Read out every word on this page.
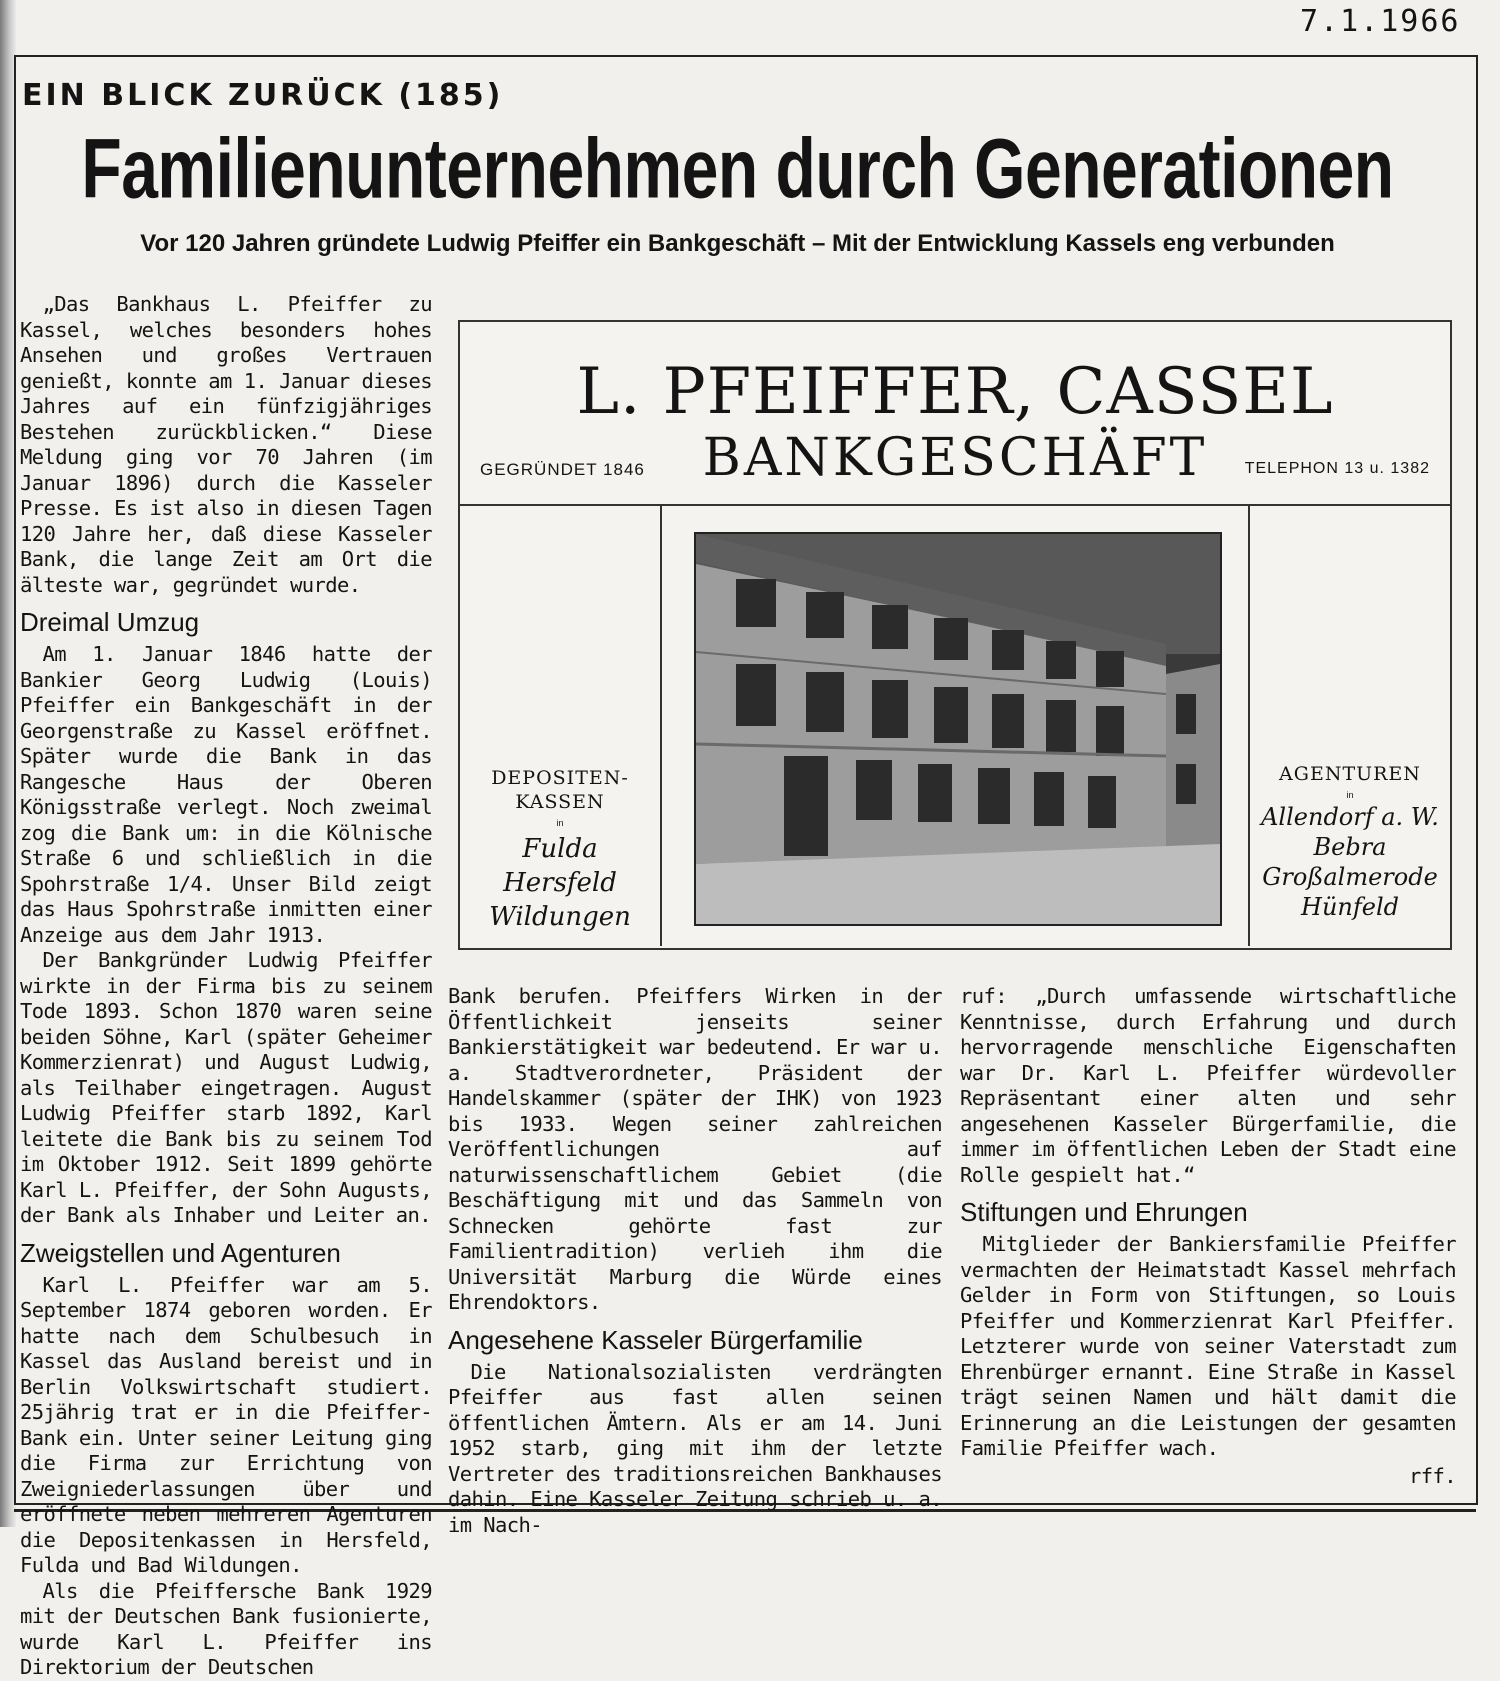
7.1.1966
EIN BLICK ZURÜCK (185)
Familienunternehmen durch Generationen
Vor 120 Jahren gründete Ludwig Pfeiffer ein Bankgeschäft – Mit der Entwicklung Kassels eng verbunden

„Das Bankhaus L. Pfeiffer zu Kassel, welches besonders hohes Ansehen und großes Vertrauen genießt, konnte am 1. Januar dieses Jahres auf ein fünfzigjähriges Bestehen zurückblicken.“ Diese Meldung ging vor 70 Jahren (im Januar 1896) durch die Kasseler Presse. Es ist also in diesen Tagen 120 Jahre her, daß diese Kasseler Bank, die lange Zeit am Ort die älteste war, gegründet wurde.

Dreimal Umzug

Am 1. Januar 1846 hatte der Bankier Georg Ludwig (Louis) Pfeiffer ein Bankgeschäft in der Georgenstraße zu Kassel eröffnet. Später wurde die Bank in das Rangesche Haus der Oberen Königsstraße verlegt. Noch zweimal zog die Bank um: in die Kölnische Straße 6 und schließlich in die Spohrstraße 1/4. Unser Bild zeigt das Haus Spohrstraße inmitten einer Anzeige aus dem Jahr 1913.

Der Bankgründer Ludwig Pfeiffer wirkte in der Firma bis zu seinem Tode 1893. Schon 1870 waren seine beiden Söhne, Karl (später Geheimer Kommerzienrat) und August Ludwig, als Teilhaber eingetragen. August Ludwig Pfeiffer starb 1892, Karl leitete die Bank bis zu seinem Tod im Oktober 1912. Seit 1899 gehörte Karl L. Pfeiffer, der Sohn Augusts, der Bank als Inhaber und Leiter an.

Zweigstellen und Agenturen

Karl L. Pfeiffer war am 5. September 1874 geboren worden. Er hatte nach dem Schulbesuch in Kassel das Ausland bereist und in Berlin Volkswirtschaft studiert. 25jährig trat er in die Pfeiffer-Bank ein. Unter seiner Leitung ging die Firma zur Errichtung von Zweigniederlassungen über und eröffnete neben mehreren Agenturen die Depositenkassen in Hersfeld, Fulda und Bad Wildungen.

Als die Pfeiffersche Bank 1929 mit der Deutschen Bank fusionierte, wurde Karl L. Pfeiffer ins Direktorium der Deutschen

L. PFEIFFER, CASSEL
GEGRÜNDET 1846	BANKGESCHÄFT	TELEPHON 13 u. 1382
DEPOSITEN-
KASSEN
in
Fulda
Hersfeld
Wildungen
AGENTUREN
in
Allendorf a. W.
Bebra
Großalmerode
Hünfeld

Bank berufen. Pfeiffers Wirken in der Öffentlichkeit jenseits seiner Bankierstätigkeit war bedeutend. Er war u. a. Stadtverordneter, Präsident der Handelskammer (später der IHK) von 1923 bis 1933. Wegen seiner zahlreichen Veröffentlichungen auf naturwissenschaftlichem Gebiet (die Beschäftigung mit und das Sammeln von Schnecken gehörte fast zur Familientradition) verlieh ihm die Universität Marburg die Würde eines Ehrendoktors.

Angesehene Kasseler Bürgerfamilie

Die Nationalsozialisten verdrängten Pfeiffer aus fast allen seinen öffentlichen Ämtern. Als er am 14. Juni 1952 starb, ging mit ihm der letzte Vertreter des traditionsreichen Bankhauses dahin. Eine Kasseler Zeitung schrieb u. a. im Nach-

ruf: „Durch umfassende wirtschaftliche Kenntnisse, durch Erfahrung und durch hervorragende menschliche Eigenschaften war Dr. Karl L. Pfeiffer würdevoller Repräsentant einer alten und sehr angesehenen Kasseler Bürgerfamilie, die immer im öffentlichen Leben der Stadt eine Rolle gespielt hat.“

Stiftungen und Ehrungen

Mitglieder der Bankiersfamilie Pfeiffer vermachten der Heimatstadt Kassel mehrfach Gelder in Form von Stiftungen, so Louis Pfeiffer und Kommerzienrat Karl Pfeiffer. Letzterer wurde von seiner Vaterstadt zum Ehrenbürger ernannt. Eine Straße in Kassel trägt seinen Namen und hält damit die Erinnerung an die Leistungen der gesamten Familie Pfeiffer wach.

rff.
